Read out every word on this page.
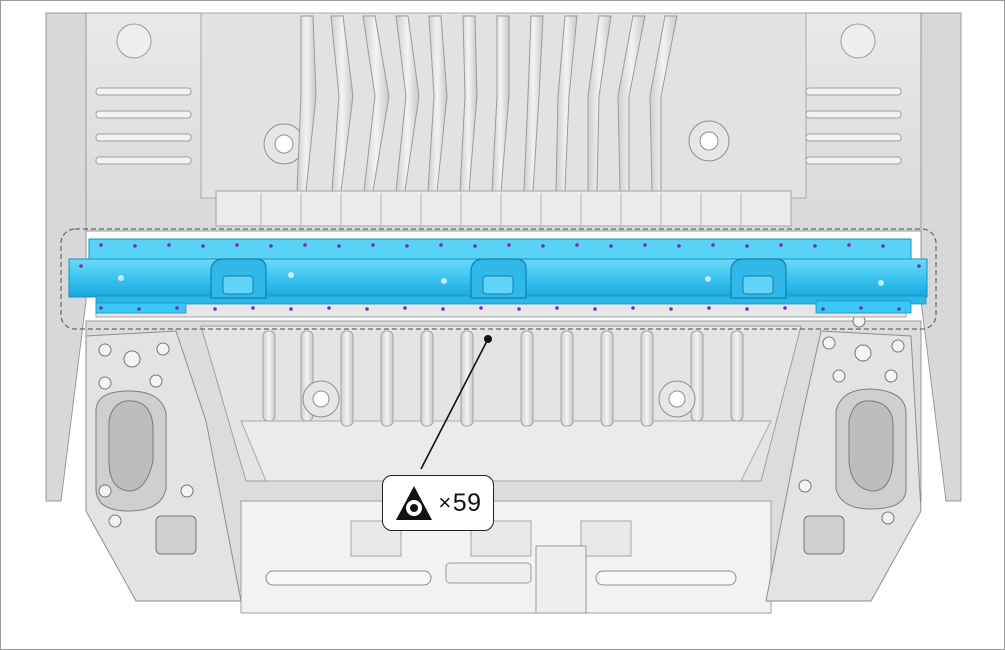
× 59
